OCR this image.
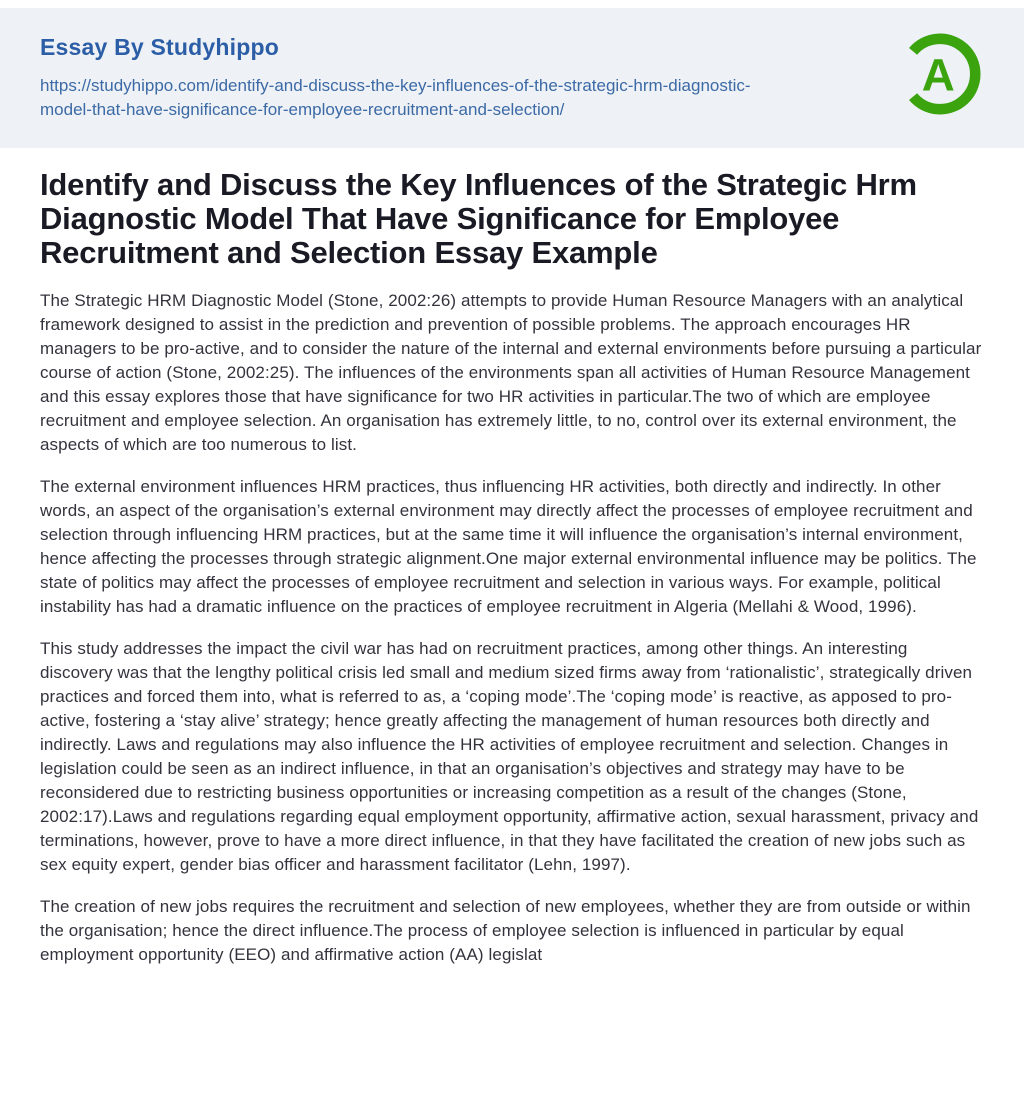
Essay By Studyhippo
https://studyhippo.com/identify-and-discuss-the-key-influences-of-the-strategic-hrm-diagnostic-model-that-have-significance-for-employee-recruitment-and-selection/
A
Identify and Discuss the Key Influences of the Strategic Hrm Diagnostic Model That Have Significance for Employee Recruitment and Selection Essay Example

The Strategic HRM Diagnostic Model (Stone, 2002:26) attempts to provide Human Resource Managers with an analytical framework designed to assist in the prediction and prevention of possible problems. The approach encourages HR managers to be pro-active, and to consider the nature of the internal and external environments before pursuing a particular course of action (Stone, 2002:25). The influences of the environments span all activities of Human Resource Management and this essay explores those that have significance for two HR activities in particular.The two of which are employee recruitment and employee selection. An organisation has extremely little, to no, control over its external environment, the aspects of which are too numerous to list.

The external environment influences HRM practices, thus influencing HR activities, both directly and indirectly. In other words, an aspect of the organisation’s external environment may directly affect the processes of employee recruitment and selection through influencing HRM practices, but at the same time it will influence the organisation’s internal environment, hence affecting the processes through strategic alignment.One major external environmental influence may be politics. The state of politics may affect the processes of employee recruitment and selection in various ways. For example, political instability has had a dramatic influence on the practices of employee recruitment in Algeria (Mellahi & Wood, 1996).

This study addresses the impact the civil war has had on recruitment practices, among other things. An interesting discovery was that the lengthy political crisis led small and medium sized firms away from ‘rationalistic’, strategically driven practices and forced them into, what is referred to as, a ‘coping mode’.The ‘coping mode’ is reactive, as apposed to pro-active, fostering a ‘stay alive’ strategy; hence greatly affecting the management of human resources both directly and indirectly. Laws and regulations may also influence the HR activities of employee recruitment and selection. Changes in legislation could be seen as an indirect influence, in that an organisation’s objectives and strategy may have to be reconsidered due to restricting business opportunities or increasing competition as a result of the changes (Stone, 2002:17).Laws and regulations regarding equal employment opportunity, affirmative action, sexual harassment, privacy and terminations, however, prove to have a more direct influence, in that they have facilitated the creation of new jobs such as sex equity expert, gender bias officer and harassment facilitator (Lehn, 1997).

The creation of new jobs requires the recruitment and selection of new employees, whether they are from outside or within the organisation; hence the direct influence.The process of employee selection is influenced in particular by equal employment opportunity (EEO) and affirmative action (AA) legislat
